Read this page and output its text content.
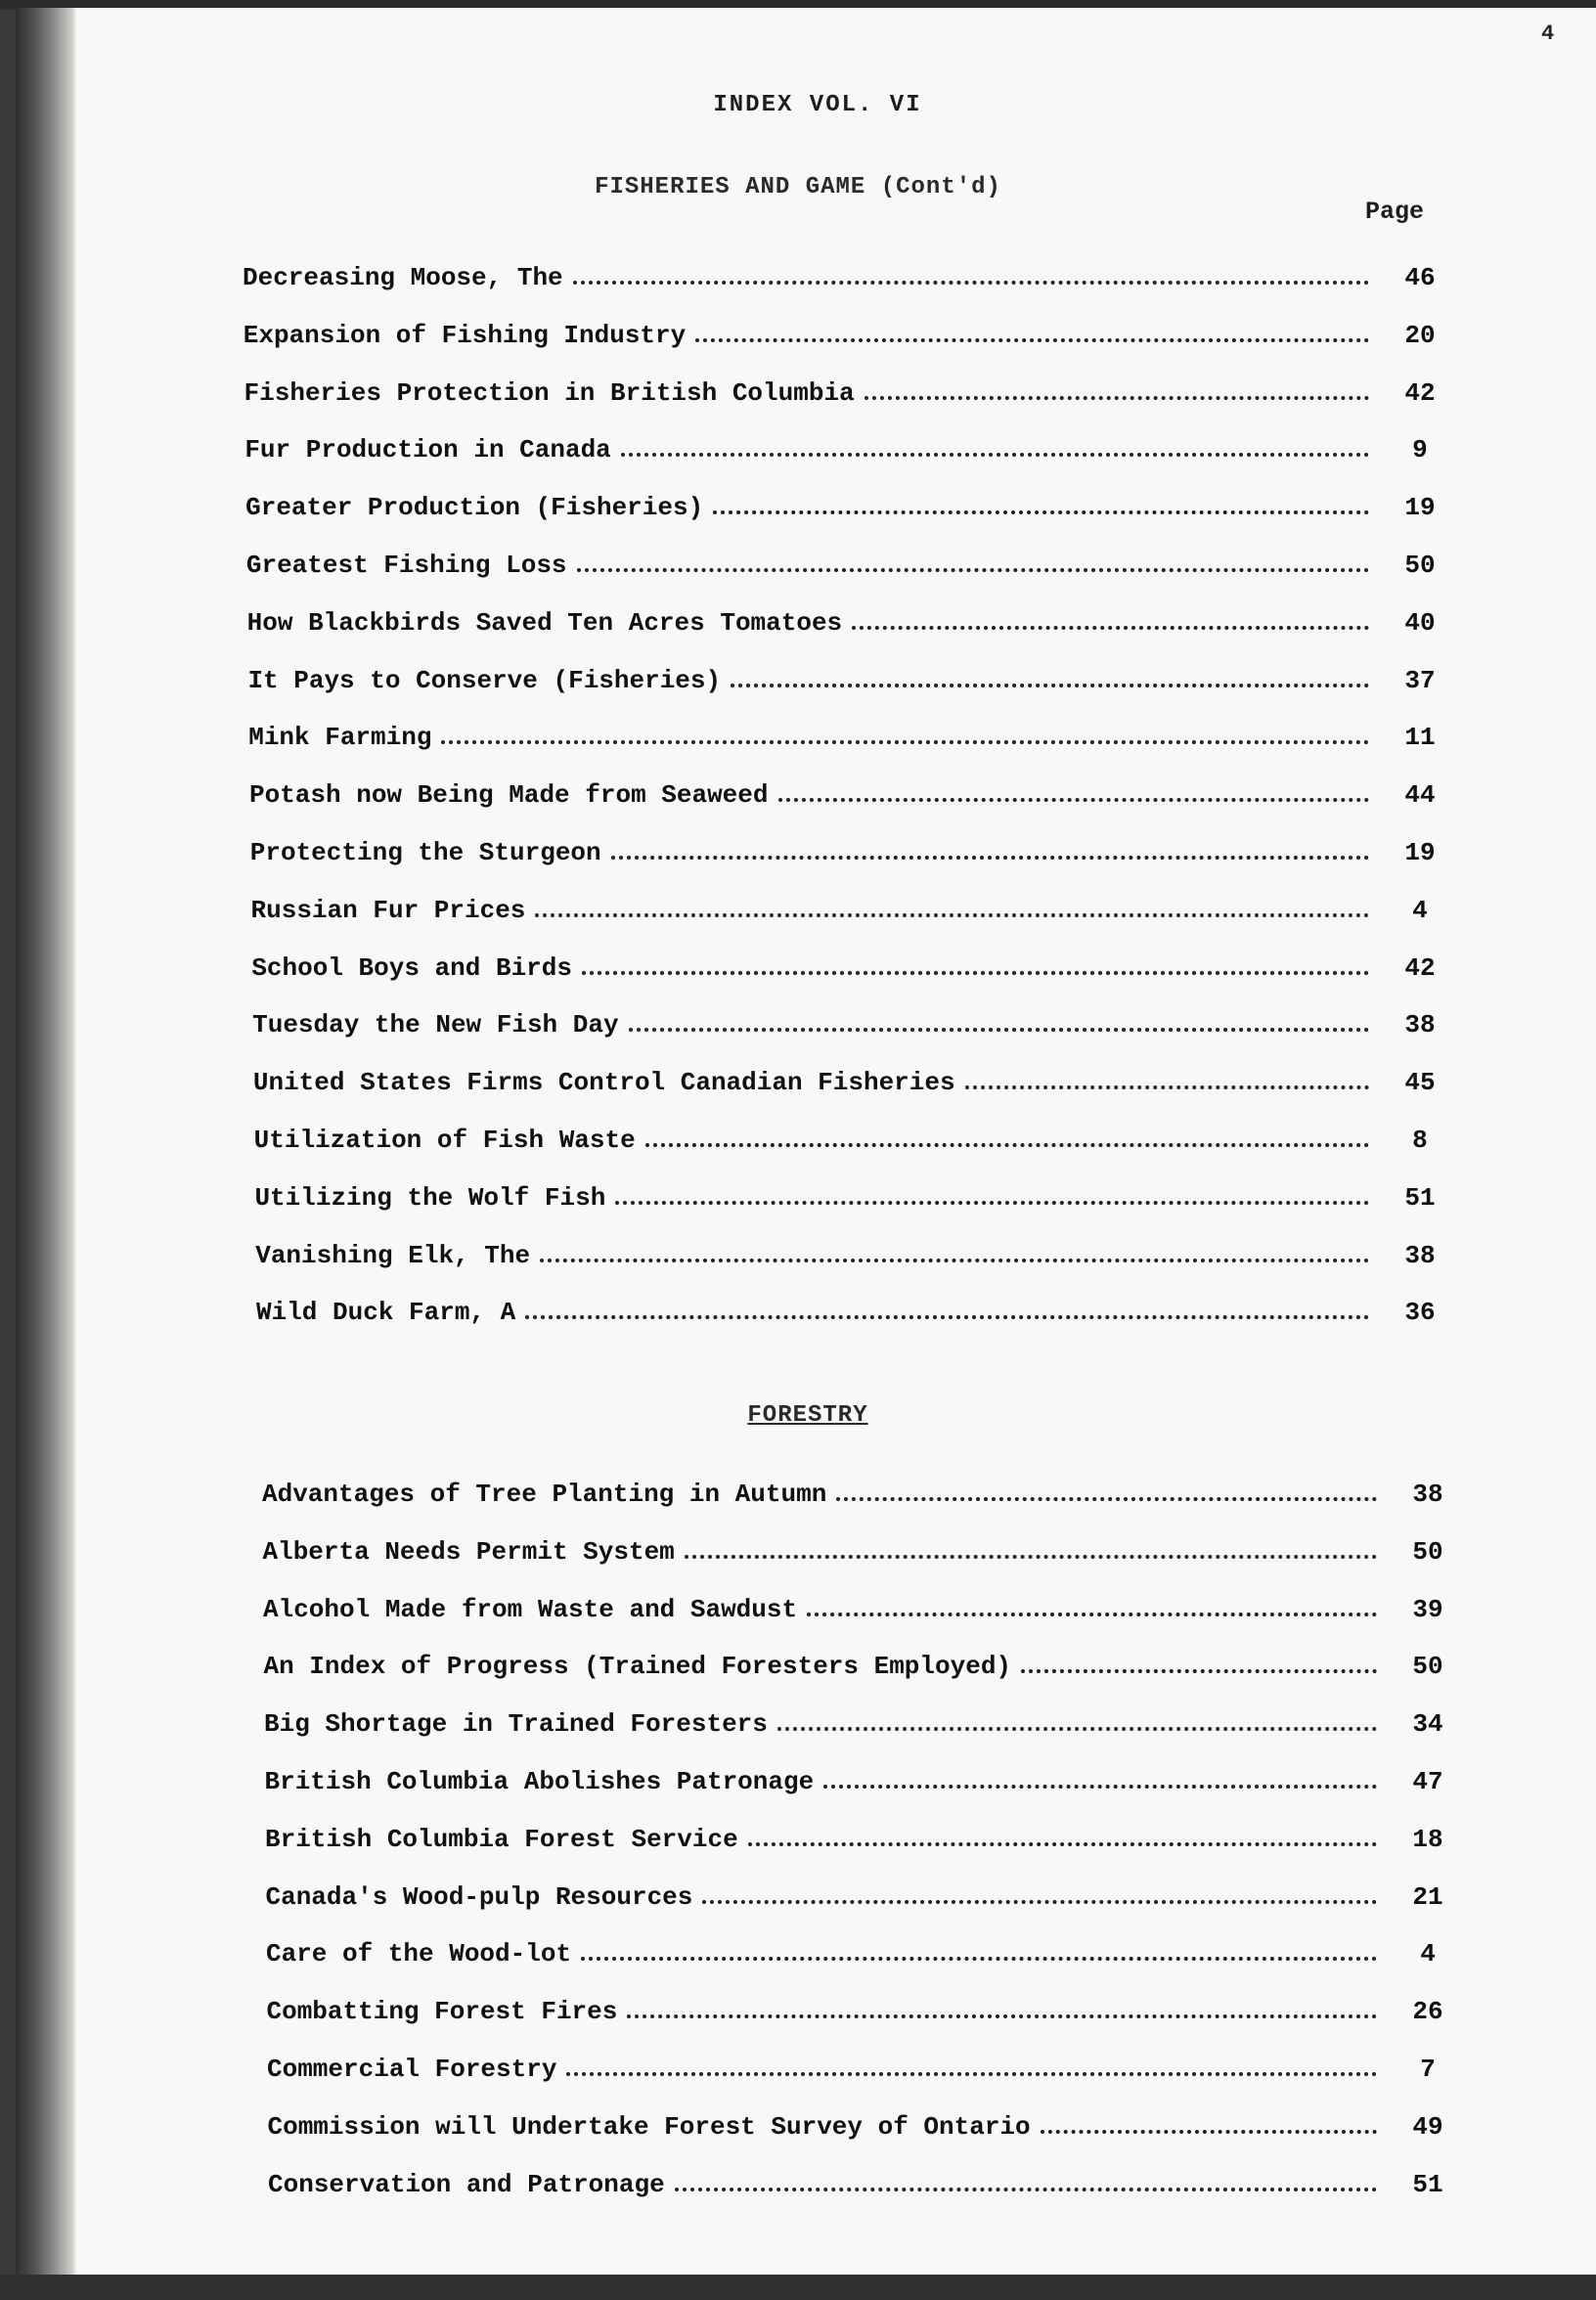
4
INDEX VOL. VI
FISHERIES AND GAME (Cont'd)
Page
Decreasing Moose, The	46
Expansion of Fishing Industry	20
Fisheries Protection in British Columbia	42
Fur Production in Canada	9
Greater Production (Fisheries)	19
Greatest Fishing Loss	50
How Blackbirds Saved Ten Acres Tomatoes	40
It Pays to Conserve (Fisheries)	37
Mink Farming	11
Potash now Being Made from Seaweed	44
Protecting the Sturgeon	19
Russian Fur Prices	4
School Boys and Birds	42
Tuesday the New Fish Day	38
United States Firms Control Canadian Fisheries	45
Utilization of Fish Waste	8
Utilizing the Wolf Fish	51
Vanishing Elk, The	38
Wild Duck Farm, A	36
FORESTRY
Advantages of Tree Planting in Autumn	38
Alberta Needs Permit System	50
Alcohol Made from Waste and Sawdust	39
An Index of Progress (Trained Foresters Employed)	50
Big Shortage in Trained Foresters	34
British Columbia Abolishes Patronage	47
British Columbia Forest Service	18
Canada's Wood-pulp Resources	21
Care of the Wood-lot	4
Combatting Forest Fires	26
Commercial Forestry	7
Commission will Undertake Forest Survey of Ontario	49
Conservation and Patronage	51
